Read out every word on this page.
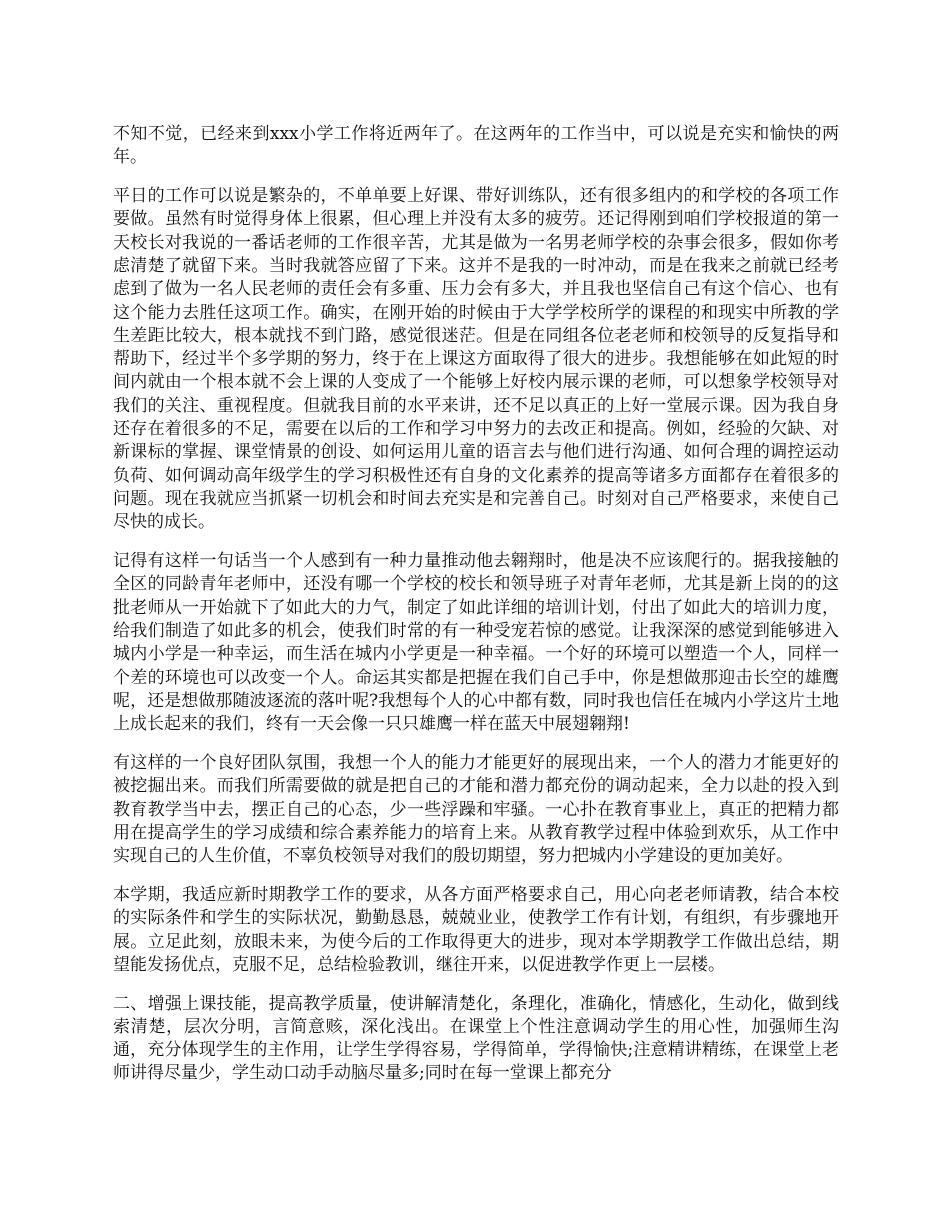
不知不觉，已经来到xxx小学工作将近两年了。在这两年的工作当中，可以说是充实和愉快的两年。

平日的工作可以说是繁杂的，不单单要上好课、带好训练队，还有很多组内的和学校的各项工作要做。虽然有时觉得身体上很累，但心理上并没有太多的疲劳。还记得刚到咱们学校报道的第一天校长对我说的一番话老师的工作很辛苦，尤其是做为一名男老师学校的杂事会很多，假如你考虑清楚了就留下来。当时我就答应留了下来。这并不是我的一时冲动，而是在我来之前就已经考虑到了做为一名人民老师的责任会有多重、压力会有多大，并且我也坚信自己有这个信心、也有这个能力去胜任这项工作。确实，在刚开始的时候由于大学学校所学的课程的和现实中所教的学生差距比较大，根本就找不到门路，感觉很迷茫。但是在同组各位老老师和校领导的反复指导和帮助下，经过半个多学期的努力，终于在上课这方面取得了很大的进步。我想能够在如此短的时间内就由一个根本就不会上课的人变成了一个能够上好校内展示课的老师，可以想象学校领导对我们的关注、重视程度。但就我目前的水平来讲，还不足以真正的上好一堂展示课。因为我自身还存在着很多的不足，需要在以后的工作和学习中努力的去改正和提高。例如，经验的欠缺、对新课标的掌握、课堂情景的创设、如何运用儿童的语言去与他们进行沟通、如何合理的调控运动负荷、如何调动高年级学生的学习积极性还有自身的文化素养的提高等诸多方面都存在着很多的问题。现在我就应当抓紧一切机会和时间去充实是和完善自己。时刻对自己严格要求，来使自己尽快的成长。

记得有这样一句话当一个人感到有一种力量推动他去翱翔时，他是决不应该爬行的。据我接触的全区的同龄青年老师中，还没有哪一个学校的校长和领导班子对青年老师，尤其是新上岗的的这批老师从一开始就下了如此大的力气，制定了如此详细的培训计划，付出了如此大的培训力度，给我们制造了如此多的机会，使我们时常的有一种受宠若惊的感觉。让我深深的感觉到能够进入城内小学是一种幸运，而生活在城内小学更是一种幸福。一个好的环境可以塑造一个人，同样一个差的环境也可以改变一个人。命运其实都是把握在我们自己手中，你是想做那迎击长空的雄鹰呢，还是想做那随波逐流的落叶呢?我想每个人的心中都有数，同时我也信任在城内小学这片土地上成长起来的我们，终有一天会像一只只雄鹰一样在蓝天中展翅翱翔!

有这样的一个良好团队氛围，我想一个人的能力才能更好的展现出来，一个人的潜力才能更好的被挖掘出来。而我们所需要做的就是把自己的才能和潜力都充份的调动起来，全力以赴的投入到教育教学当中去，摆正自己的心态，少一些浮躁和牢骚。一心扑在教育事业上，真正的把精力都用在提高学生的学习成绩和综合素养能力的培育上来。从教育教学过程中体验到欢乐，从工作中实现自己的人生价值，不辜负校领导对我们的殷切期望，努力把城内小学建设的更加美好。

本学期，我适应新时期教学工作的要求，从各方面严格要求自己，用心向老老师请教，结合本校的实际条件和学生的实际状况，勤勤恳恳，兢兢业业，使教学工作有计划，有组织，有步骤地开展。立足此刻，放眼未来，为使今后的工作取得更大的进步，现对本学期教学工作做出总结，期望能发扬优点，克服不足，总结检验教训，继往开来，以促进教学作更上一层楼。

二、增强上课技能，提高教学质量，使讲解清楚化，条理化，准确化，情感化，生动化，做到线索清楚，层次分明，言简意赅，深化浅出。在课堂上个性注意调动学生的用心性，加强师生沟通，充分体现学生的主作用，让学生学得容易，学得简单，学得愉快;注意精讲精练，在课堂上老师讲得尽量少，学生动口动手动脑尽量多;同时在每一堂课上都充分
